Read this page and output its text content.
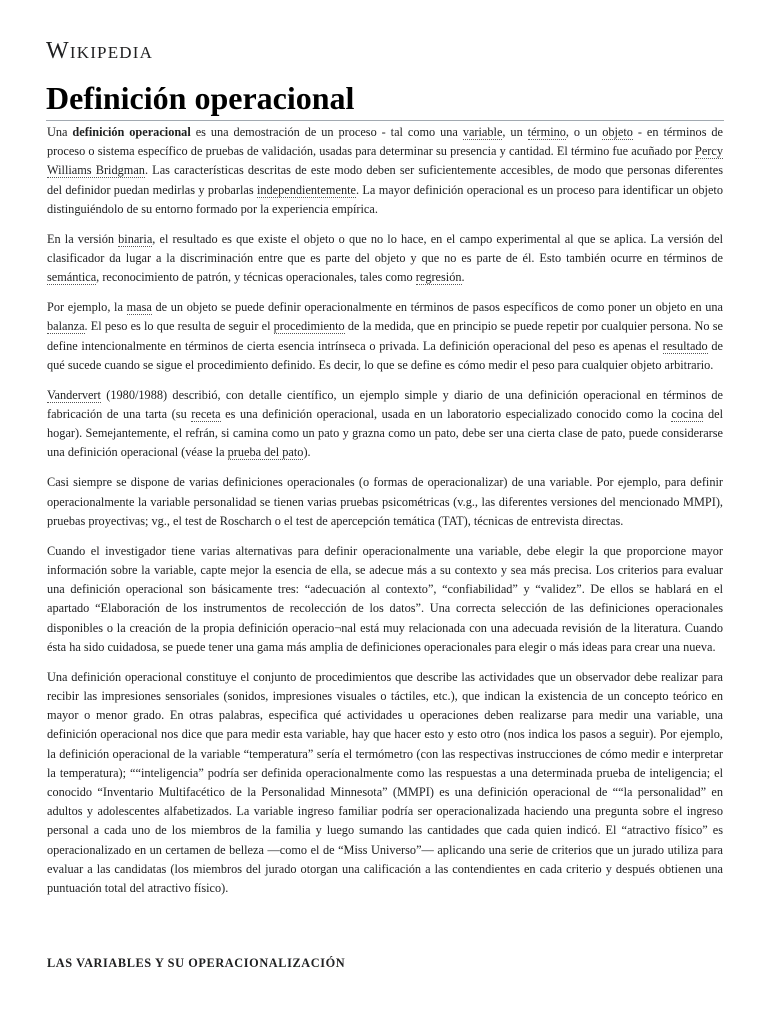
Wikipedia
Definición operacional

Una definición operacional es una demostración de un proceso - tal como una variable, un término, o un objeto - en términos de proceso o sistema específico de pruebas de validación, usadas para determinar su presencia y cantidad. El término fue acuñado por Percy Williams Bridgman. Las características descritas de este modo deben ser suficientemente accesibles, de modo que personas diferentes del definidor puedan medirlas y probarlas independientemente. La mayor definición operacional es un proceso para identificar un objeto distinguiéndolo de su entorno formado por la experiencia empírica.

En la versión binaria, el resultado es que existe el objeto o que no lo hace, en el campo experimental al que se aplica. La versión del clasificador da lugar a la discriminación entre que es parte del objeto y que no es parte de él. Esto también ocurre en términos de semántica, reconocimiento de patrón, y técnicas operacionales, tales como regresión.

Por ejemplo, la masa de un objeto se puede definir operacionalmente en términos de pasos específicos de como poner un objeto en una balanza. El peso es lo que resulta de seguir el procedimiento de la medida, que en principio se puede repetir por cualquier persona. No se define intencionalmente en términos de cierta esencia intrínseca o privada. La definición operacional del peso es apenas el resultado de qué sucede cuando se sigue el procedimiento definido. Es decir, lo que se define es cómo medir el peso para cualquier objeto arbitrario.

Vandervert (1980/1988) describió, con detalle científico, un ejemplo simple y diario de una definición operacional en términos de fabricación de una tarta (su receta es una definición operacional, usada en un laboratorio especializado conocido como la cocina del hogar). Semejantemente, el refrán, si camina como un pato y grazna como un pato, debe ser una cierta clase de pato, puede considerarse una definición operacional (véase la prueba del pato).

Casi siempre se dispone de varias definiciones operacionales (o formas de operacionalizar) de una variable. Por ejemplo, para definir operacionalmente la variable personalidad se tienen varias pruebas psicométricas (v.g., las diferentes versiones del mencionado MMPI), pruebas proyectivas; vg., el test de Roscharch o el test de apercepción temática (TAT), técnicas de entrevista directas.

Cuando el investigador tiene varias alternativas para definir operacionalmente una variable, debe elegir la que proporcione mayor información sobre la variable, capte mejor la esencia de ella, se adecue más a su contexto y sea más precisa. Los criterios para evaluar una definición operacional son básicamente tres: “adecuación al contexto”, “confiabilidad” y “validez”. De ellos se hablará en el apartado “Elaboración de los instrumentos de recolección de los datos”. Una correcta selección de las definiciones operacionales disponibles o la creación de la propia definición operacio¬nal está muy relacionada con una adecuada revisión de la literatura. Cuando ésta ha sido cuidadosa, se puede tener una gama más amplia de definiciones operacionales para elegir o más ideas para crear una nueva.

Una definición operacional constituye el conjunto de procedimientos que describe las actividades que un observador debe realizar para recibir las impresiones sensoriales (sonidos, impresiones visuales o táctiles, etc.), que indican la existencia de un concepto teórico en mayor o menor grado. En otras palabras, especifica qué actividades u operaciones deben realizarse para medir una variable, una definición operacional nos dice que para medir esta variable, hay que hacer esto y esto otro (nos indica los pasos a seguir). Por ejemplo, la definición operacional de la variable “temperatura” sería el termómetro (con las respectivas instrucciones de cómo medir e interpretar la temperatura); ““inteligencia” podría ser definida operacionalmente como las respuestas a una determinada prueba de inteligencia; el conocido “Inventario Multifacético de la Personalidad Minnesota” (MMPI) es una definición operacional de ““la personalidad” en adultos y adolescentes alfabetizados. La variable ingreso familiar podría ser operacionalizada haciendo una pregunta sobre el ingreso personal a cada uno de los miembros de la familia y luego sumando las cantidades que cada quien indicó. El “atractivo físico” es operacionalizado en un certamen de belleza —como el de “Miss Universo”— aplicando una serie de criterios que un jurado utiliza para evaluar a las candidatas (los miembros del jurado otorgan una calificación a las contendientes en cada criterio y después obtienen una puntuación total del atractivo físico).

LAS VARIABLES Y SU OPERACIONALIZACIÓN
